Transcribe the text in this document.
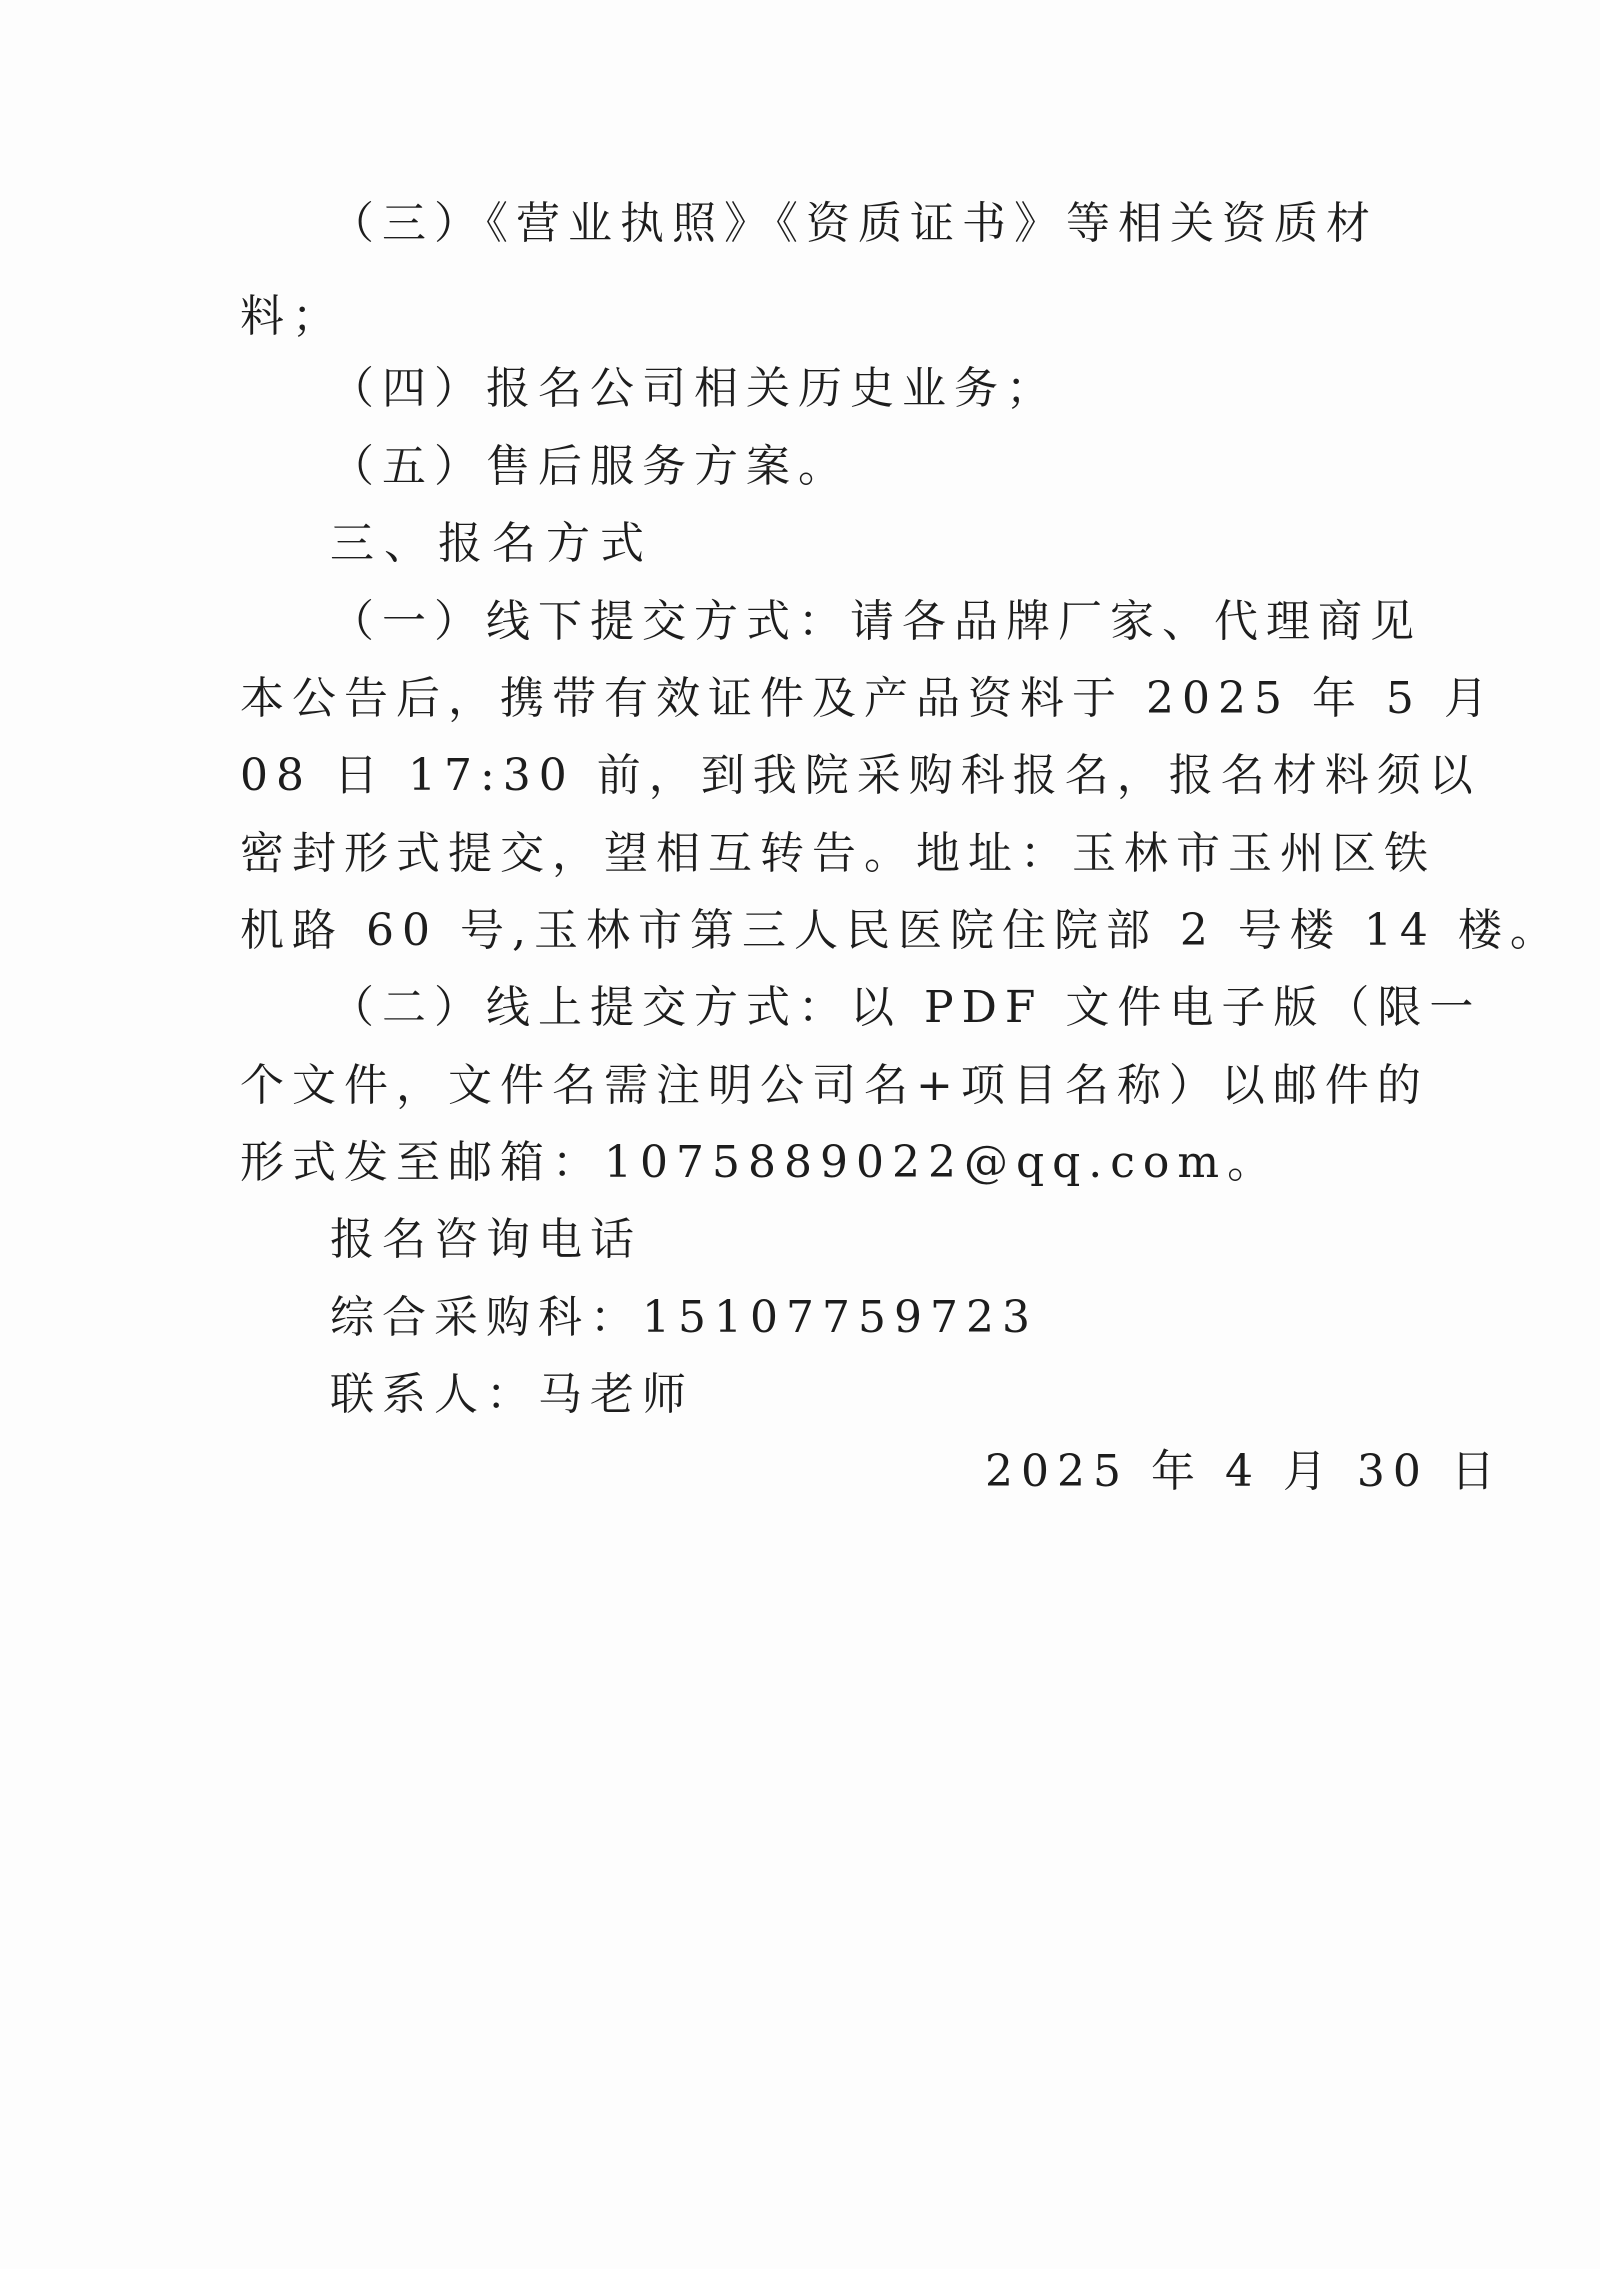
（三）《营业执照》《资质证书》等相关资质材
料；
（四）报名公司相关历史业务；
（五）售后服务方案。
三、报名方式
（一）线下提交方式：请各品牌厂家、代理商见
本公告后，携带有效证件及产品资料于 2025 年 5 月
08 日 17:30 前，到我院采购科报名，报名材料须以
密封形式提交，望相互转告。地址：玉林市玉州区铁
机路 60 号,玉林市第三人民医院住院部 2 号楼 14 楼。
（二）线上提交方式：以 PDF 文件电子版（限一
个文件，文件名需注明公司名+项目名称）以邮件的
形式发至邮箱：1075889022@qq.com。
报名咨询电话
综合采购科：15107759723
联系人：马老师
2025 年 4 月 30 日
